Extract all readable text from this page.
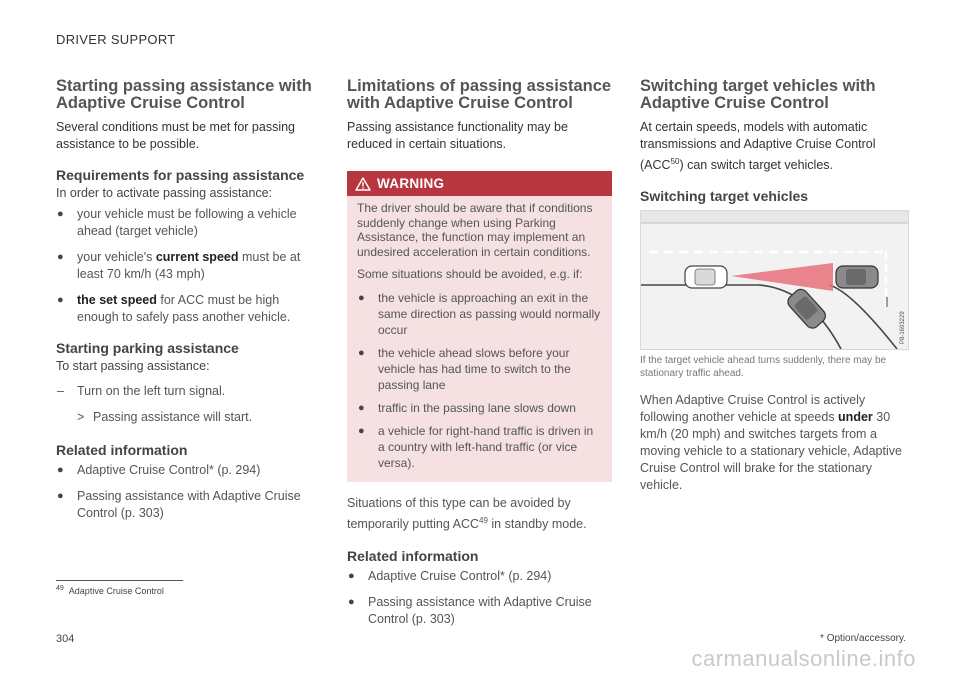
DRIVER SUPPORT
Starting passing assistance with Adaptive Cruise Control

Several conditions must be met for passing assistance to be possible.

Requirements for passing assistance

In order to activate passing assistance:

● your vehicle must be following a vehicle ahead (target vehicle)
● your vehicle's current speed must be at least 70 km/h (43 mph)
● the set speed for ACC must be high enough to safely pass another vehicle.
Starting parking assistance

To start passing assistance:

– Turn on the left turn signal.
> Passing assistance will start.
Related information
● Adaptive Cruise Control* (p. 294)
● Passing assistance with Adaptive Cruise Control (p. 303)
Limitations of passing assistance with Adaptive Cruise Control

Passing assistance functionality may be reduced in certain situations.

WARNING

The driver should be aware that if conditions suddenly change when using Parking Assistance, the function may implement an undesired acceleration in certain conditions.

Some situations should be avoided, e.g. if:

● the vehicle is approaching an exit in the same direction as passing would normally occur
● the vehicle ahead slows before your vehicle has had time to switch to the passing lane
● traffic in the passing lane slows down
● a vehicle for right-hand traffic is driven in a country with left-hand traffic (or vice versa).

Situations of this type can be avoided by temporarily putting ACC$^{49}$ in standby mode.

Related information
● Adaptive Cruise Control* (p. 294)
● Passing assistance with Adaptive Cruise Control (p. 303)
Switching target vehicles with Adaptive Cruise Control

At certain speeds, models with automatic transmissions and Adaptive Cruise Control (ACC$^{50}$) can switch target vehicles.

Switching target vehicles
P8-1693229
If the target vehicle ahead turns suddenly, there may be stationary traffic ahead.

When Adaptive Cruise Control is actively following another vehicle at speeds under 30 km/h (20 mph) and switches targets from a moving vehicle to a stationary vehicle, Adaptive Cruise Control will brake for the stationary vehicle.

$^{49}$ Adaptive Cruise Control
304	* Option/accessory.
carmanualsonline.info
